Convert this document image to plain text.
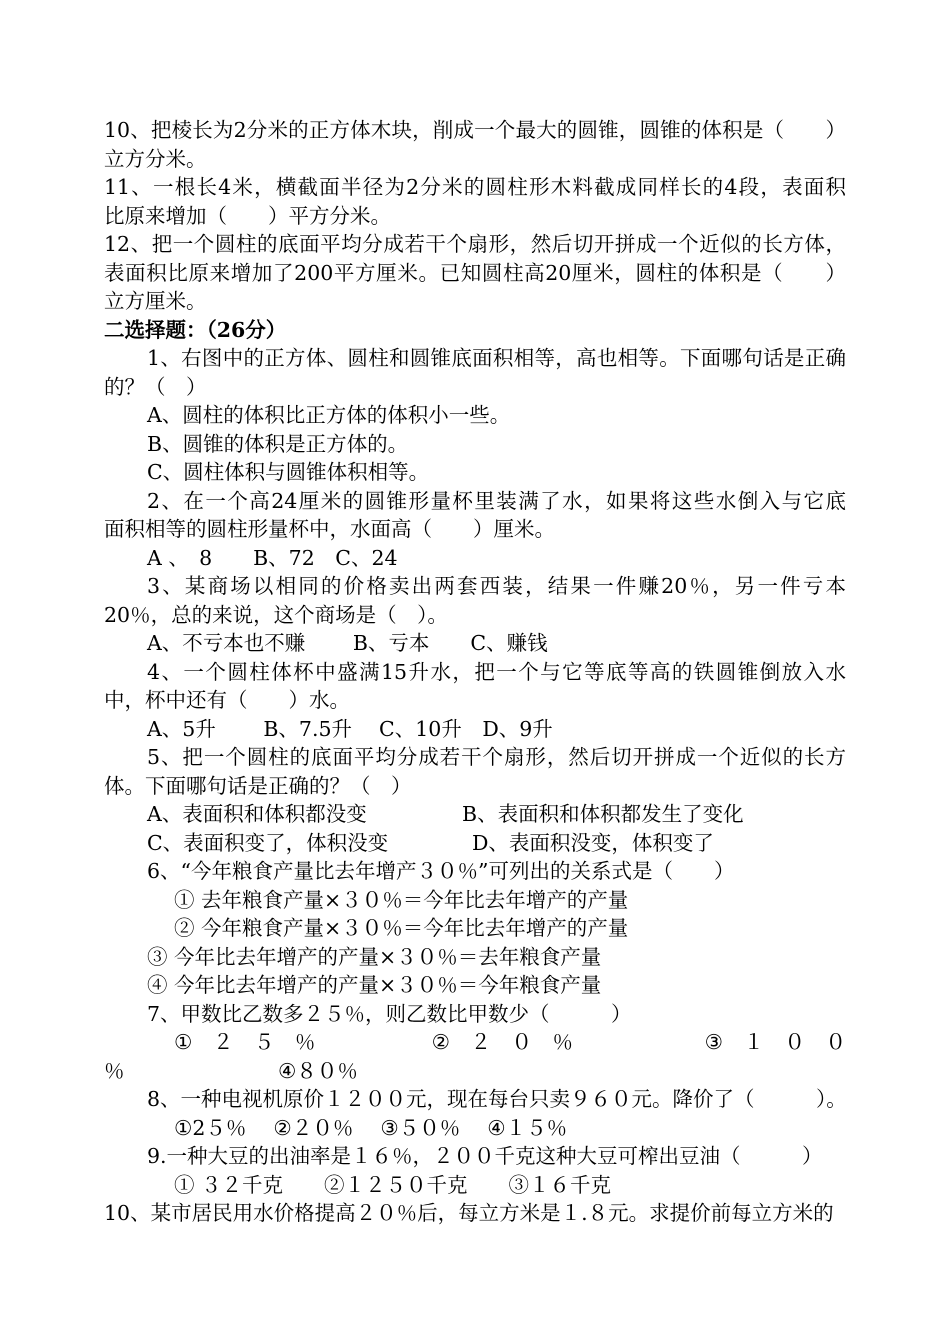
10、把棱长为2分米的正方体木块，削成一个最大的圆锥，圆锥的体积是（　　）
立方分米。
11、一根长4米，横截面半径为2分米的圆柱形木料截成同样长的4段，表面积
比原来增加（　　）平方分米。
12、把一个圆柱的底面平均分成若干个扇形，然后切开拼成一个近似的长方体，
表面积比原来增加了200平方厘米。已知圆柱高20厘米，圆柱的体积是（　　）
立方厘米。
二选择题：（26分）
1、右图中的正方体、圆柱和圆锥底面积相等，高也相等。下面哪句话是正确
的？（　）
A、圆柱的体积比正方体的体积小一些。
B、圆锥的体积是正方体的。
C、圆柱体积与圆锥体积相等。
2、在一个高24厘米的圆锥形量杯里装满了水，如果将这些水倒入与它底
面积相等的圆柱形量杯中，水面高（　　）厘米。
A 、　8　　B、72　C、24
3、某商场以相同的价格卖出两套西装，结果一件赚20％，另一件亏本
20％，总的来说，这个商场是（　）。
A、不亏本也不赚　　 B、亏本　　C、赚钱
4、一个圆柱体杯中盛满15升水，把一个与它等底等高的铁圆锥倒放入水
中，杯中还有（　　）水。
A、5升　　 B、7.5升　 C、10升　D、9升
5、把一个圆柱的底面平均分成若干个扇形，然后切开拼成一个近似的长方
体。下面哪句话是正确的？（　）
A、表面积和体积都没变	B、表面积和体积都发生了变化
C、表面积变了，体积没变	D、表面积没变，体积变了
6、“今年粮食产量比去年增产３０％”可列出的关系式是（　　）
① 去年粮食产量×３０％＝今年比去年增产的产量
② 今年粮食产量×３０％＝今年比去年增产的产量
③ 今年比去年增产的产量×３０％＝去年粮食产量
④ 今年比去年增产的产量×３０％＝今年粮食产量
7、甲数比乙数多２５％，则乙数比甲数少（　　　）
①　２　５　％	②　２　０　％	③　１　０　０
％	④８０％
8、一种电视机原价１２００元，现在每台只卖９６０元。降价了（　　　）。
①2５％　 ②２０％　 ③５０％　 ④１５％
9.一种大豆的出油率是１６％，２００千克这种大豆可榨出豆油（　　　）
① ３２千克　　②１２５０千克　　③１６千克
10、某市居民用水价格提高２０％后，每立方米是１.８元。求提价前每立方米的
